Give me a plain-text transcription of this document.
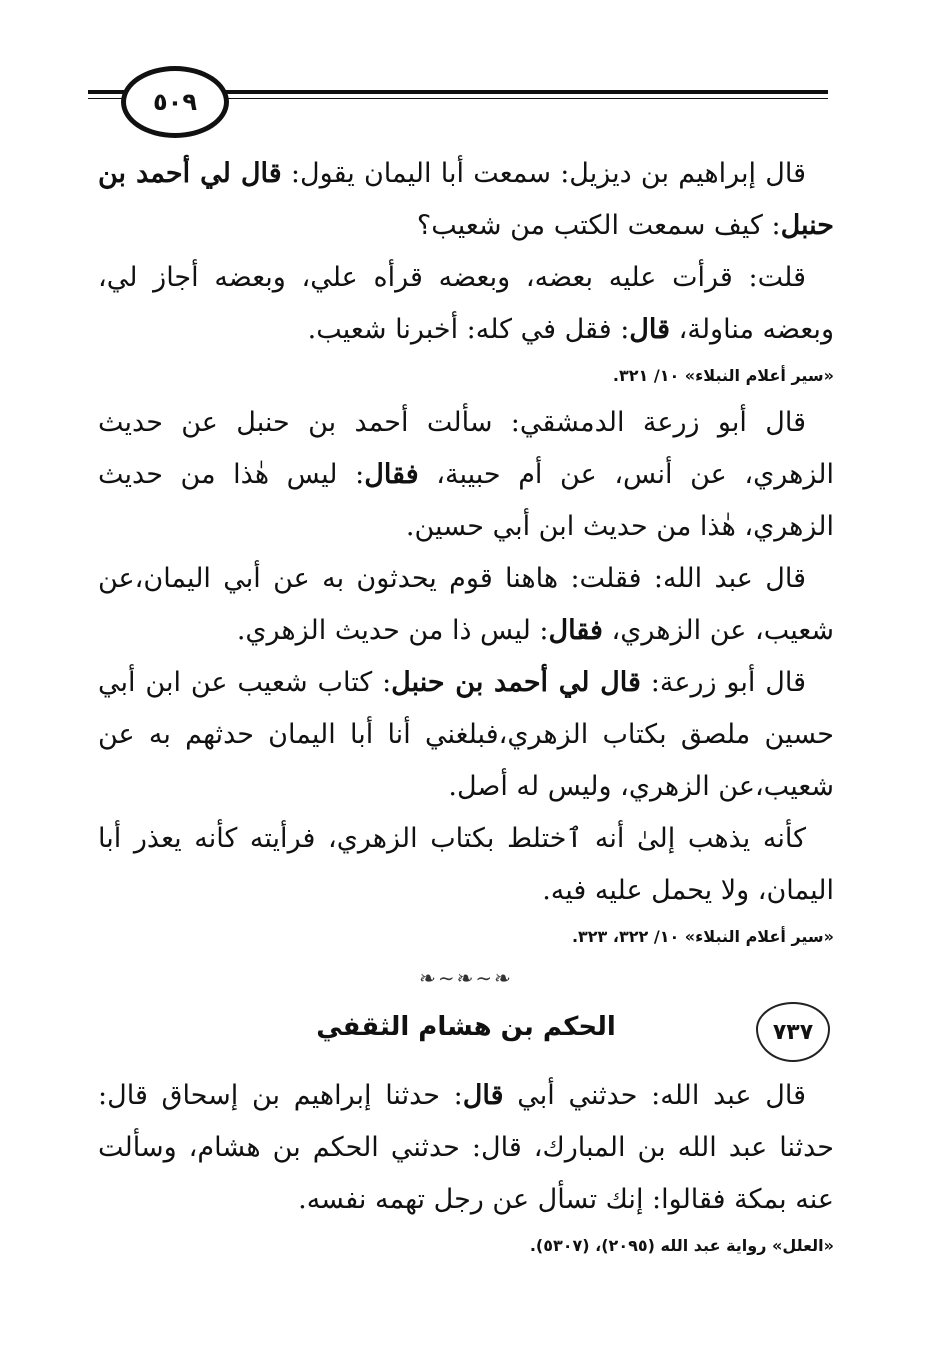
٥٠٩

قال إبراهيم بن ديزيل: سمعت أبا اليمان يقول: قال لي أحمد بن حنبل: كيف سمعت الكتب من شعيب؟

قلت: قرأت عليه بعضه، وبعضه قرأه علي، وبعضه أجاز لي، وبعضه مناولة، قال: فقل في كله: أخبرنا شعيب.

«سير أعلام النبلاء» ١٠/ ٣٢١.

قال أبو زرعة الدمشقي: سألت أحمد بن حنبل عن حديث الزهري، عن أنس، عن أم حبيبة، فقال: ليس هٰذا من حديث الزهري، هٰذا من حديث ابن أبي حسين.

قال عبد الله: فقلت: هاهنا قوم يحدثون به عن أبي اليمان،عن شعيب، عن الزهري، فقال: ليس ذا من حديث الزهري.

قال أبو زرعة: قال لي أحمد بن حنبل: كتاب شعيب عن ابن أبي حسين ملصق بكتاب الزهري،فبلغني أنا أبا اليمان حدثهم به عن شعيب،عن الزهري، وليس له أصل.

كأنه يذهب إلىٰ أنه ٱختلط بكتاب الزهري، فرأيته كأنه يعذر أبا اليمان، ولا يحمل عليه فيه.

«سير أعلام النبلاء» ١٠/ ٣٢٢، ٣٢٣.
❧∽❧∽❧
٧٣٧
الحكم بن هشام الثقفي

قال عبد الله: حدثني أبي قال: حدثنا إبراهيم بن إسحاق قال: حدثنا عبد الله بن المبارك، قال: حدثني الحكم بن هشام، وسألت عنه بمكة فقالوا: إنك تسأل عن رجل تهمه نفسه.

«العلل» رواية عبد الله (٢٠٩٥)، (٥٣٠٧).
